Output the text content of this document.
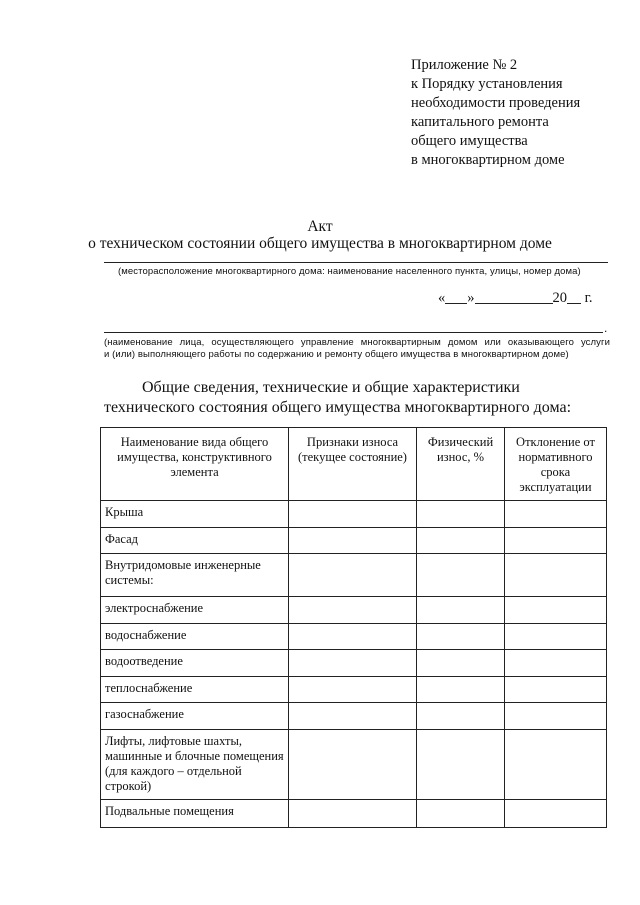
Приложение № 2
к Порядку установления
необходимости проведения
капитального ремонта
общего имущества
в многоквартирном доме
Акт
о техническом состоянии общего имущества в многоквартирном доме
(месторасположение многоквартирного дома: наименование населенного пункта, улицы, номер дома)
« »	20 г.
.
(наименование лица, осуществляющего управление многоквартирным домом или оказывающего услуги
и (или) выполняющего работы по содержанию и ремонту общего имущества в многоквартирном доме)
Общие сведения, технические и общие характеристики технического состояния общего имущества многоквартирного дома:
Наименование вида общего имущества, конструктивного элемента	Признаки износа (текущее состояние)	Физический износ, %	Отклонение от нормативного срока эксплуатации
Крыша			
Фасад			
Внутридомовые инженерные системы:			
электроснабжение			
водоснабжение			
водоотведение			
теплоснабжение			
газоснабжение			
Лифты, лифтовые шахты, машинные и блочные помещения (для каждого – отдельной строкой)			
Подвальные помещения			
